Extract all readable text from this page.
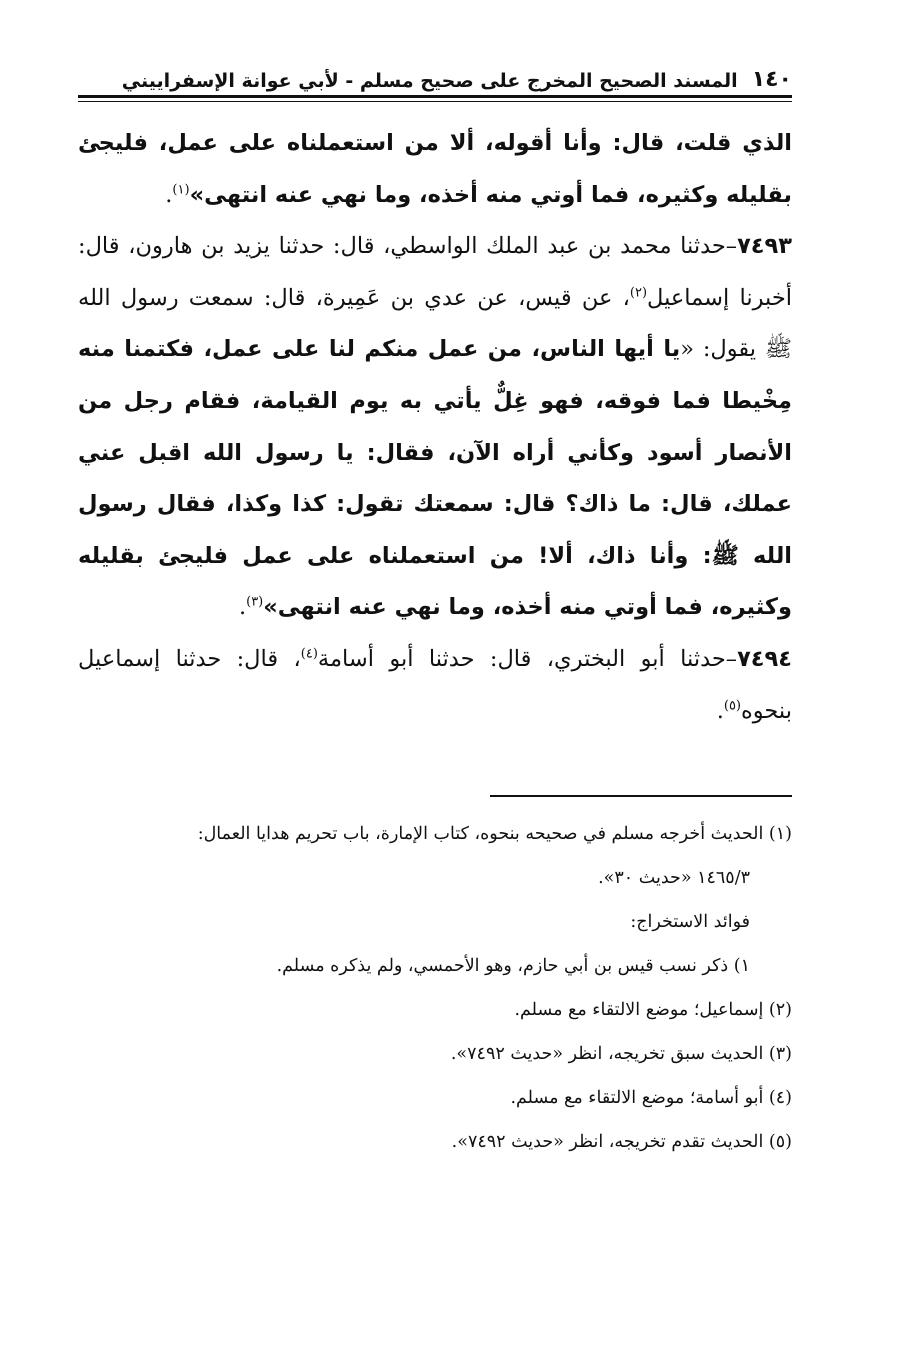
١٤٠
المسند الصحيح المخرج على صحيح مسلم - لأبي عوانة الإسفراييني

الذي قلت، قال: وأنا أقوله، ألا من استعملناه على عمل، فليجئ بقليله وكثيره، فما أوتي منه أخذه، وما نهي عنه انتهى»$^{(١)}$.

٧٤٩٣–حدثنا محمد بن عبد الملك الواسطي، قال: حدثنا يزيد بن هارون، قال: أخبرنا إسماعيل$^{(٢)}$، عن قيس، عن عدي بن عَمِيرة، قال: سمعت رسول الله ﷺ يقول: «يا أيها الناس، من عمل منكم لنا على عمل، فكتمنا منه مِخْيطا فما فوقه، فهو غِلٌّ يأتي به يوم القيامة، فقام رجل من الأنصار أسود وكأني أراه الآن، فقال: يا رسول الله اقبل عني عملك، قال: ما ذاك؟ قال: سمعتك تقول: كذا وكذا، فقال رسول الله ﷺ: وأنا ذاك، ألا! من استعملناه على عمل فليجئ بقليله وكثيره، فما أوتي منه أخذه، وما نهي عنه انتهى»$^{(٣)}$.

٧٤٩٤–حدثنا أبو البختري، قال: حدثنا أبو أسامة$^{(٤)}$، قال: حدثنا إسماعيل بنحوه$^{(٥)}$.

(١) الحديث أخرجه مسلم في صحيحه بنحوه، كتاب الإمارة، باب تحريم هدايا العمال:

١٤٦٥/٣ «حديث ٣٠».

فوائد الاستخراج:

١) ذكر نسب قيس بن أبي حازم، وهو الأحمسي، ولم يذكره مسلم.

(٢) إسماعيل؛ موضع الالتقاء مع مسلم.

(٣) الحديث سبق تخريجه، انظر «حديث ٧٤٩٢».

(٤) أبو أسامة؛ موضع الالتقاء مع مسلم.

(٥) الحديث تقدم تخريجه، انظر «حديث ٧٤٩٢».
